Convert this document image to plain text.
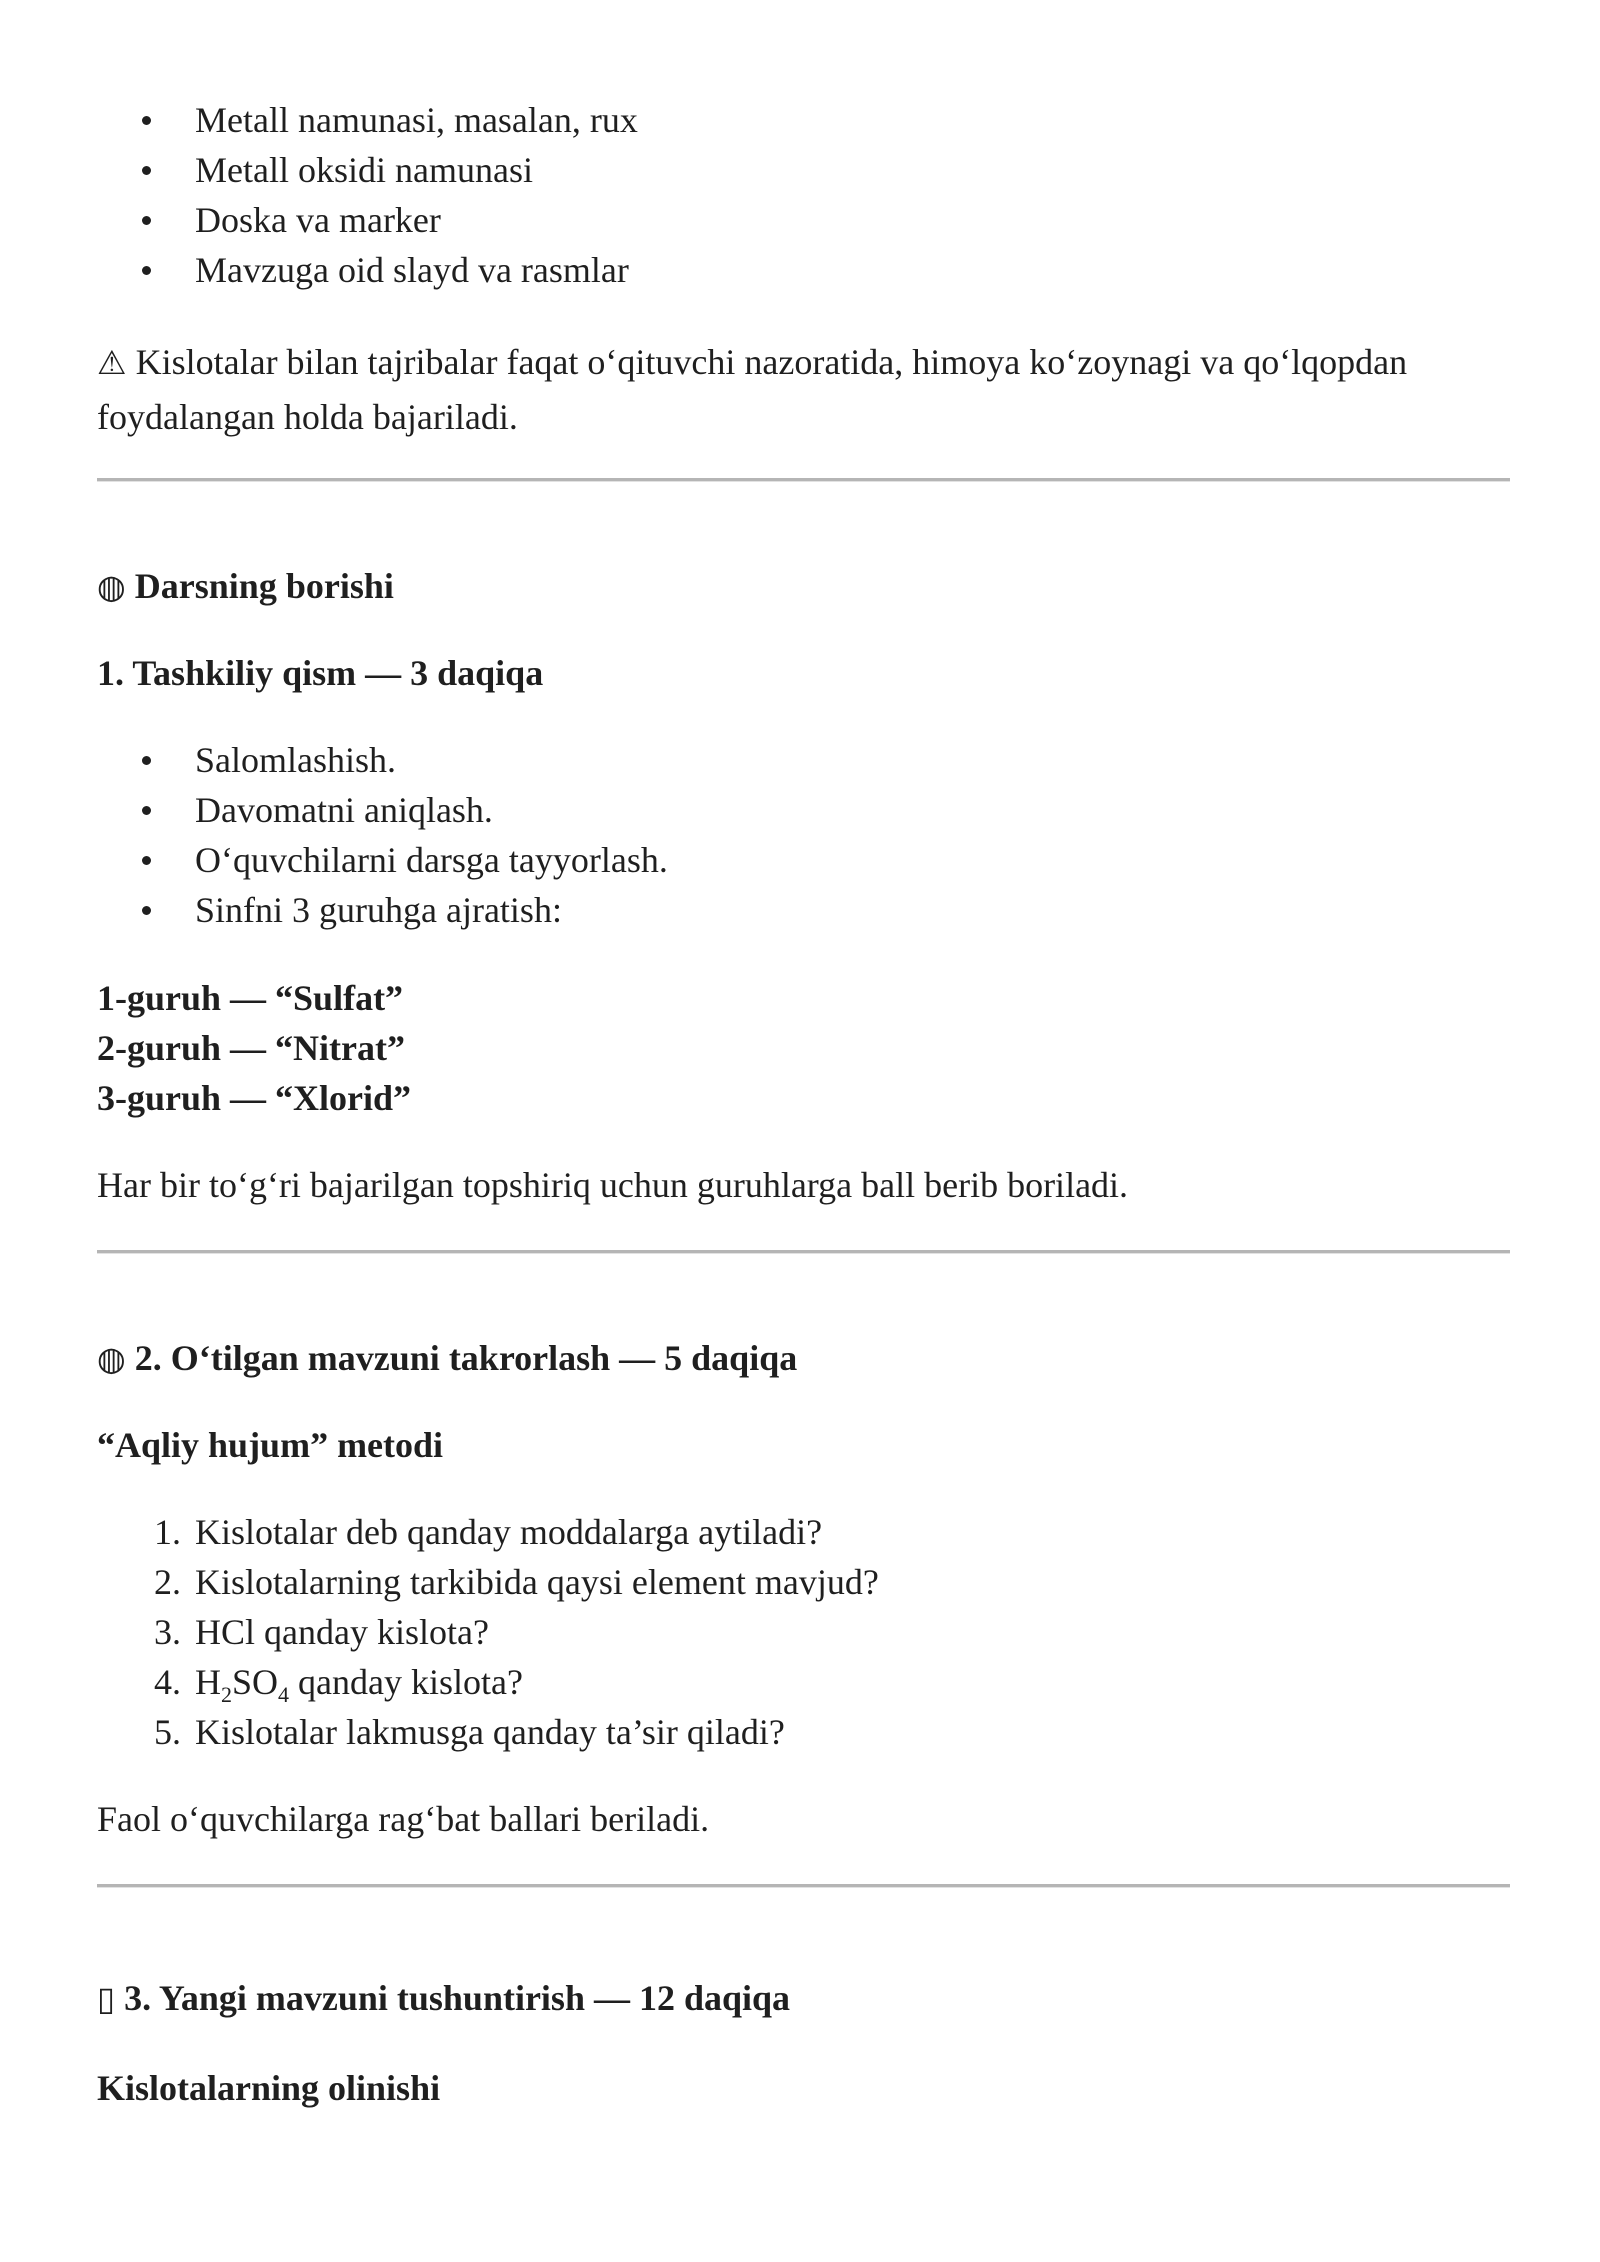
Metall namunasi, masalan, rux
Metall oksidi namunasi
Doska va marker
Mavzuga oid slayd va rasmlar
⚠ Kislotalar bilan tajribalar faqat o‘qituvchi nazoratida, himoya ko‘zoynagi va qo‘lqopdan foydalangan holda bajariladi.
◍ Darsning borishi
1. Tashkiliy qism — 3 daqiqa
Salomlashish.
Davomatni aniqlash.
O‘quvchilarni darsga tayyorlash.
Sinfni 3 guruhga ajratish:
1-guruh — “Sulfat”
2-guruh — “Nitrat”
3-guruh — “Xlorid”
Har bir to‘g‘ri bajarilgan topshiriq uchun guruhlarga ball berib boriladi.
◍ 2. O‘tilgan mavzuni takrorlash — 5 daqiqa
“Aqliy hujum” metodi
1. Kislotalar deb qanday moddalarga aytiladi?
2. Kislotalarning tarkibida qaysi element mavjud?
3. HCl qanday kislota?
4. $H_2SO_4$ qanday kislota?
5. Kislotalar lakmusga qanday ta’sir qiladi?
Faol o‘quvchilarga rag‘bat ballari beriladi.
▯ 3. Yangi mavzuni tushuntirish — 12 daqiqa
Kislotalarning olinishi
